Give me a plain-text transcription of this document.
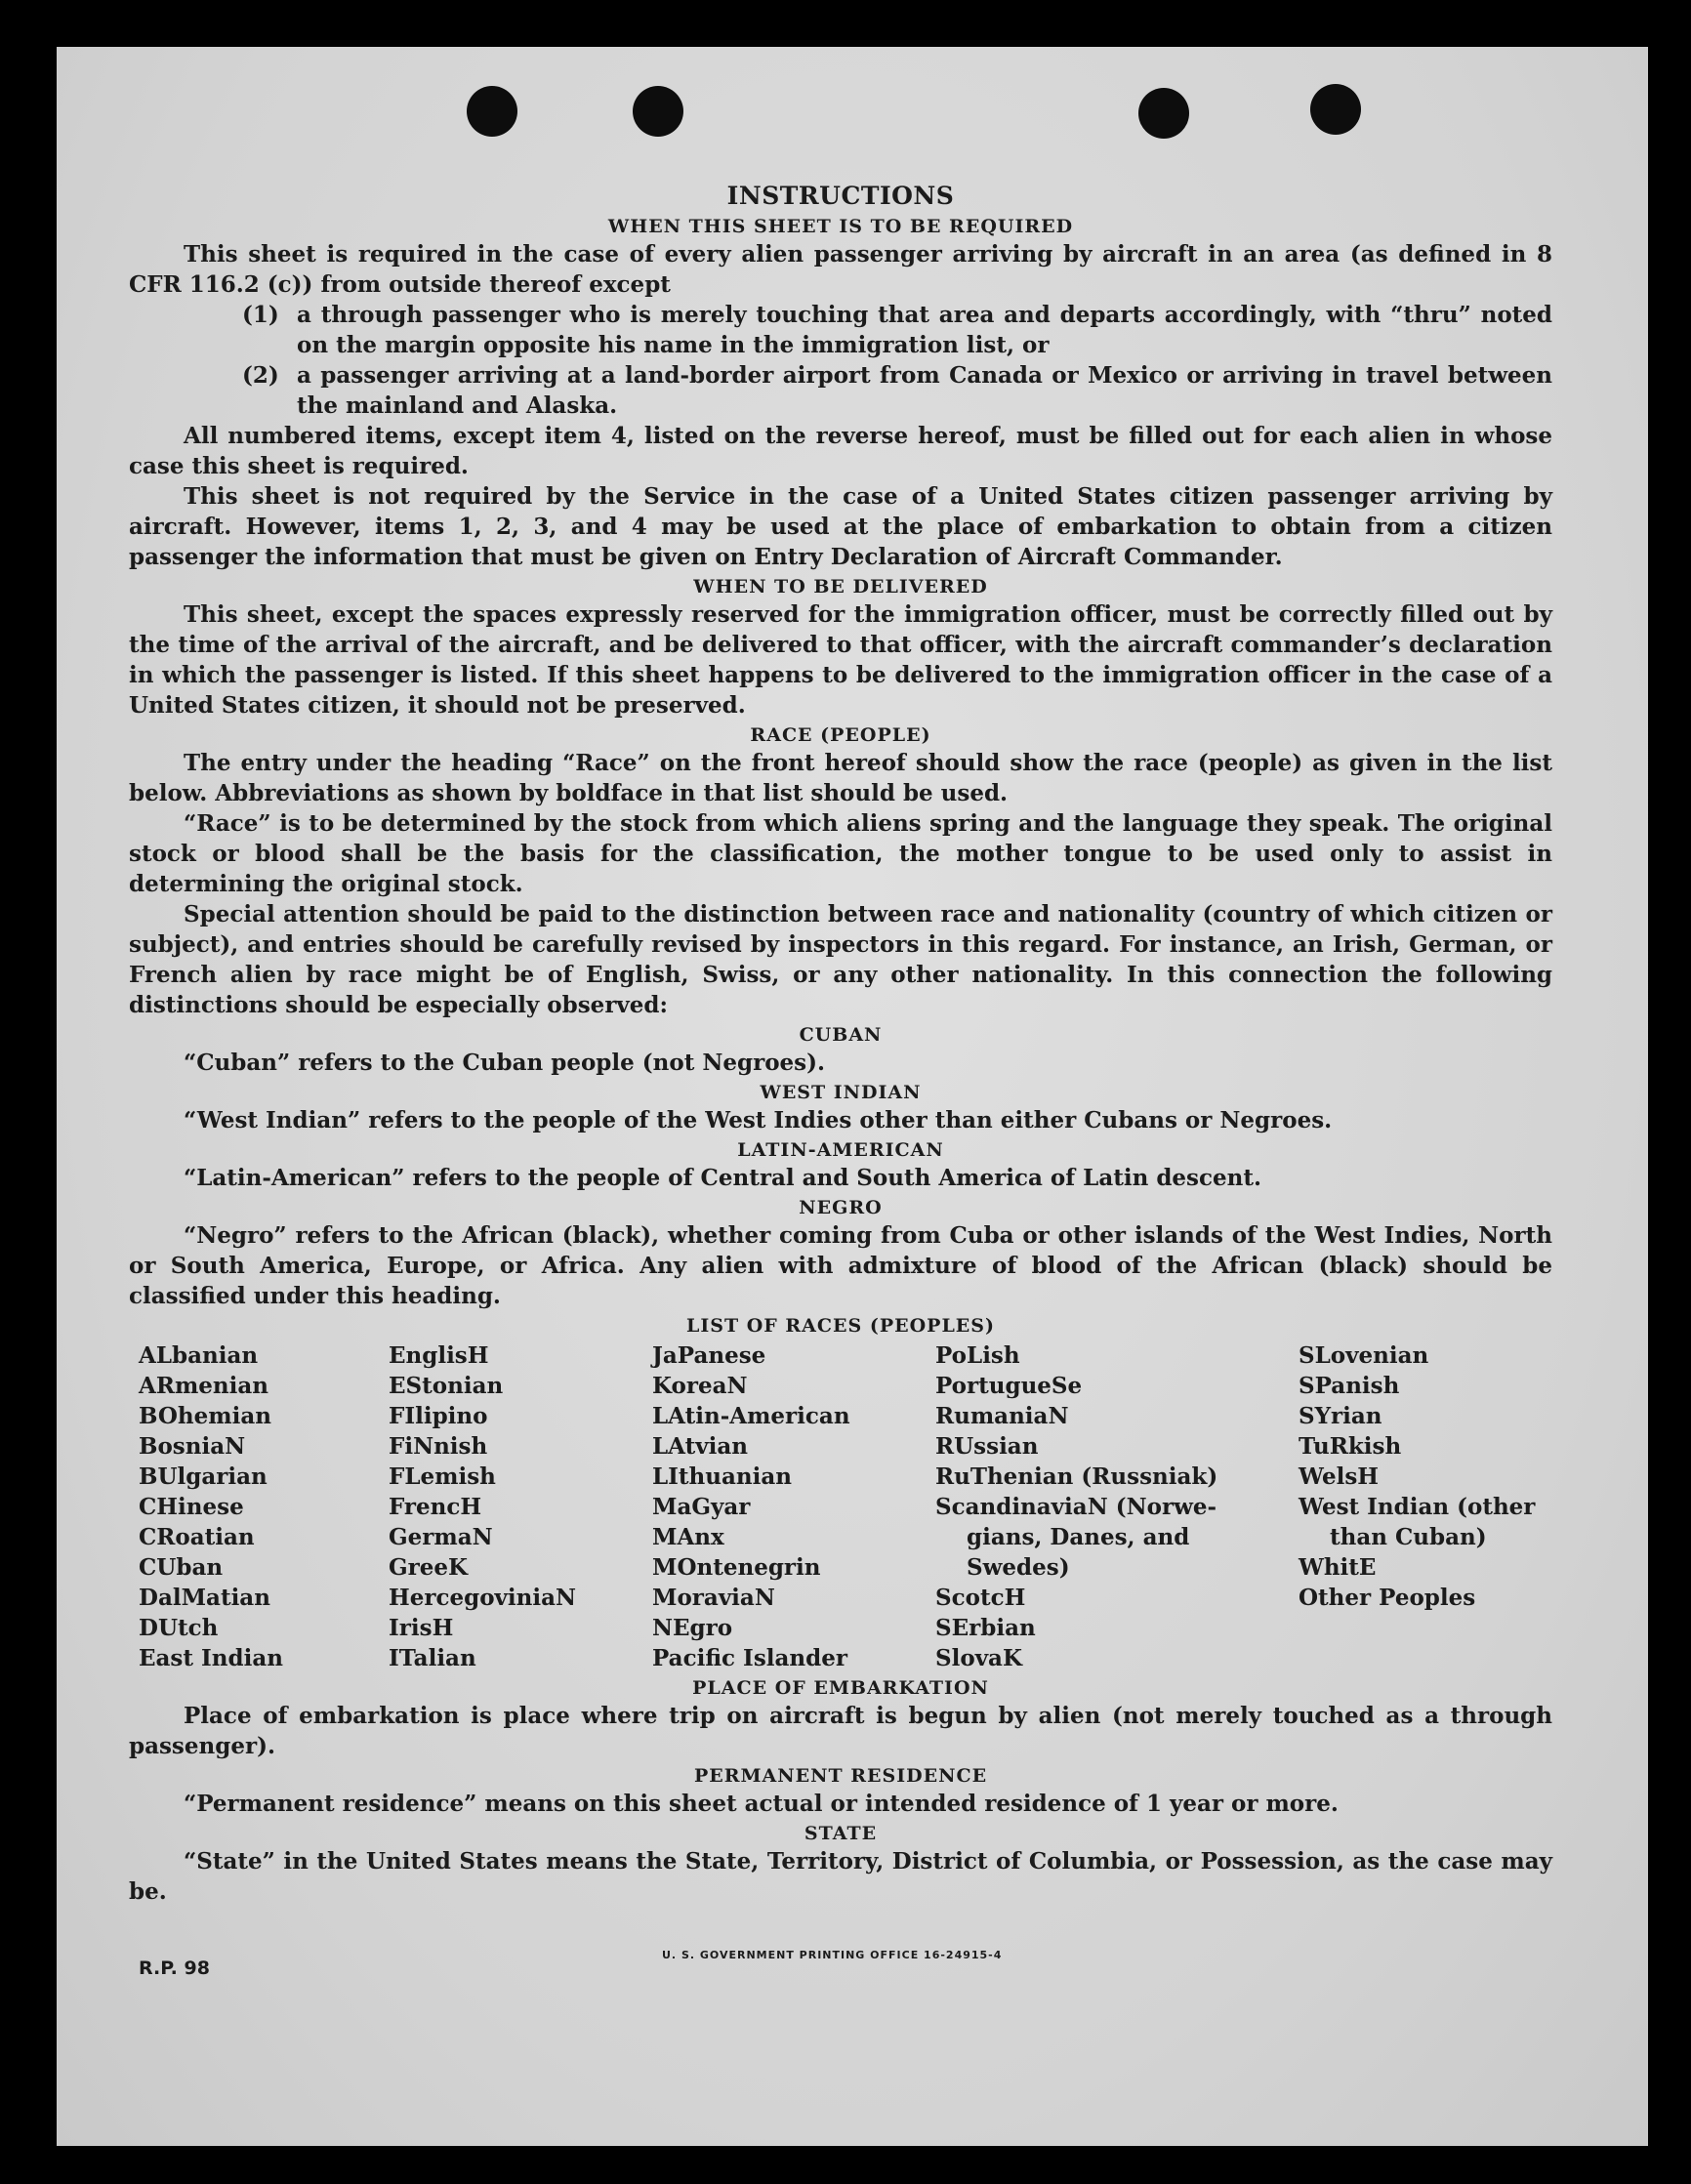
INSTRUCTIONS
WHEN THIS SHEET IS TO BE REQUIRED

This sheet is required in the case of every alien passenger arriving by aircraft in an area (as defined in 8 CFR 116.2 (c)) from outside thereof except

(1) a through passenger who is merely touching that area and departs accordingly, with “thru” noted on the margin opposite his name in the immigration list, or
(2) a passenger arriving at a land-border airport from Canada or Mexico or arriving in travel between the mainland and Alaska.

All numbered items, except item 4, listed on the reverse hereof, must be filled out for each alien in whose case this sheet is required.

This sheet is not required by the Service in the case of a United States citizen passenger arriving by aircraft. However, items 1, 2, 3, and 4 may be used at the place of embarkation to obtain from a citizen passenger the information that must be given on Entry Declaration of Aircraft Commander.

WHEN TO BE DELIVERED

This sheet, except the spaces expressly reserved for the immigration officer, must be correctly filled out by the time of the arrival of the aircraft, and be delivered to that officer, with the aircraft commander’s declaration in which the passenger is listed. If this sheet happens to be delivered to the immigration officer in the case of a United States citizen, it should not be preserved.

RACE (PEOPLE)

The entry under the heading “Race” on the front hereof should show the race (people) as given in the list below. Abbreviations as shown by boldface in that list should be used.

“Race” is to be determined by the stock from which aliens spring and the language they speak. The original stock or blood shall be the basis for the classification, the mother tongue to be used only to assist in determining the original stock.

Special attention should be paid to the distinction between race and nationality (country of which citizen or subject), and entries should be carefully revised by inspectors in this regard. For instance, an Irish, German, or French alien by race might be of English, Swiss, or any other nationality. In this connection the following distinctions should be especially observed:

CUBAN
“Cuban” refers to the Cuban people (not Negroes).
WEST INDIAN
“West Indian” refers to the people of the West Indies other than either Cubans or Negroes.
LATIN-AMERICAN
“Latin-American” refers to the people of Central and South America of Latin descent.
NEGRO

“Negro” refers to the African (black), whether coming from Cuba or other islands of the West Indies, North or South America, Europe, or Africa. Any alien with admixture of blood of the African (black) should be classified under this heading.

LIST OF RACES (PEOPLES)
ALbanian
ARmenian
BOhemian
BosniaN
BUlgarian
CHinese
CRoatian
CUban
DalMatian
DUtch
East Indian
EnglisH
EStonian
FIlipino
FiNnish
FLemish
FrencH
GermaN
GreeK
HercegoviniaN
IrisH
ITalian
JaPanese
KoreaN
LAtin-American
LAtvian
LIthuanian
MaGyar
MAnx
MOntenegrin
MoraviaN
NEgro
Pacific Islander
PoLish
PortugueSe
RumaniaN
RUssian
RuThenian (Russniak)
ScandinaviaN (Norwe-
gians, Danes, and
Swedes)
ScotcH
SErbian
SlovaK
SLovenian
SPanish
SYrian
TuRkish
WelsH
West Indian (other
than Cuban)
WhitE
Other Peoples
PLACE OF EMBARKATION

Place of embarkation is place where trip on aircraft is begun by alien (not merely touched as a through passenger).

PERMANENT RESIDENCE
“Permanent residence” means on this sheet actual or intended residence of 1 year or more.
STATE

“State” in the United States means the State, Territory, District of Columbia, or Possession, as the case may be.

U. S. GOVERNMENT PRINTING OFFICE 16-24915-4
R.P. 98
